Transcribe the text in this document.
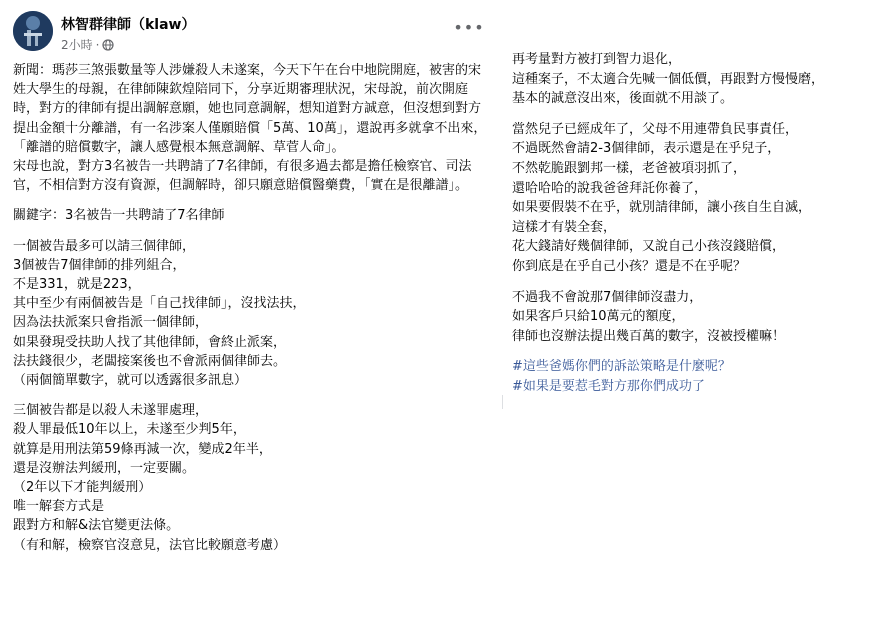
林智群律師（klaw）
2小時 ·
•••

新聞：瑪莎三煞張數量等人涉嫌殺人未遂案，今天下午在台中地院開庭，被害的宋姓大學生的母親，在律師陳欽煌陪同下，分享近期審理狀況，宋母說，前次開庭時，對方的律師有提出調解意願，她也同意調解，想知道對方誠意，但沒想到對方提出金額十分離譜，有一名涉案人僅願賠償「5萬、10萬」，還說再多就拿不出來，「離譜的賠償數字，讓人感覺根本無意調解、草菅人命」。
宋母也說，對方3名被告一共聘請了7名律師，有很多過去都是擔任檢察官、司法官，不相信對方沒有資源，但調解時，卻只願意賠償醫藥費，「實在是很離譜」。

關鍵字：3名被告一共聘請了7名律師

一個被告最多可以請三個律師，
3個被告7個律師的排列組合，
不是331，就是223，
其中至少有兩個被告是「自己找律師」，沒找法扶，
因為法扶派案只會指派一個律師，
如果發現受扶助人找了其他律師，會終止派案，
法扶錢很少，老闆接案後也不會派兩個律師去。
（兩個簡單數字，就可以透露很多訊息）

三個被告都是以殺人未遂罪處理，
殺人罪最低10年以上，未遂至少判5年，
就算是用刑法第59條再減一次，變成2年半，
還是沒辦法判緩刑，一定要關。
（2年以下才能判緩刑）
唯一解套方式是
跟對方和解&法官變更法條。
（有和解，檢察官沒意見，法官比較願意考慮）

再考量對方被打到智力退化，
這種案子，不太適合先喊一個低價，再跟對方慢慢磨，
基本的誠意沒出來，後面就不用談了。

當然兒子已經成年了，父母不用連帶負民事責任，
不過既然會請2-3個律師，表示還是在乎兒子，
不然乾脆跟劉邦一樣，老爸被項羽抓了，
還哈哈哈的說我爸爸拜託你養了，
如果要假裝不在乎，就別請律師，讓小孩自生自滅，
這樣才有裝全套，
花大錢請好幾個律師，又說自己小孩沒錢賠償，
你到底是在乎自己小孩？還是不在乎呢？

不過我不會說那7個律師沒盡力，
如果客戶只給10萬元的額度，
律師也沒辦法提出幾百萬的數字，沒被授權嘛！

#這些爸媽你們的訴訟策略是什麼呢？
#如果是要惹毛對方那你們成功了
